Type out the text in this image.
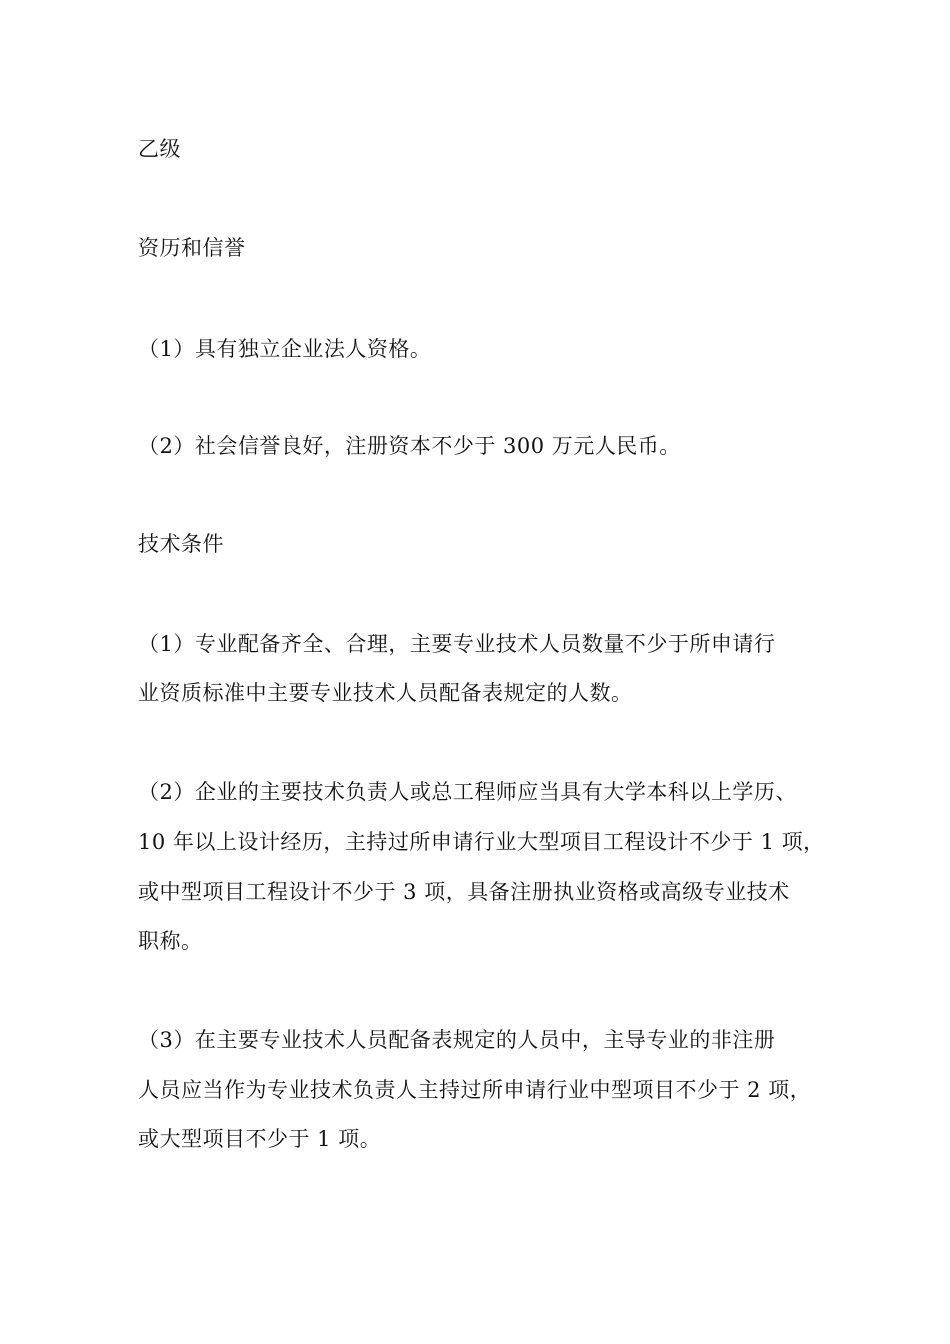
乙级
资历和信誉
（1）具有独立企业法人资格。
（2）社会信誉良好，注册资本不少于 300 万元人民币。
技术条件
（1）专业配备齐全、合理，主要专业技术人员数量不少于所申请行
业资质标准中主要专业技术人员配备表规定的人数。
（2）企业的主要技术负责人或总工程师应当具有大学本科以上学历、
10 年以上设计经历，主持过所申请行业大型项目工程设计不少于 1 项，
或中型项目工程设计不少于 3 项，具备注册执业资格或高级专业技术
职称。
（3）在主要专业技术人员配备表规定的人员中，主导专业的非注册
人员应当作为专业技术负责人主持过所申请行业中型项目不少于 2 项，
或大型项目不少于 1 项。
